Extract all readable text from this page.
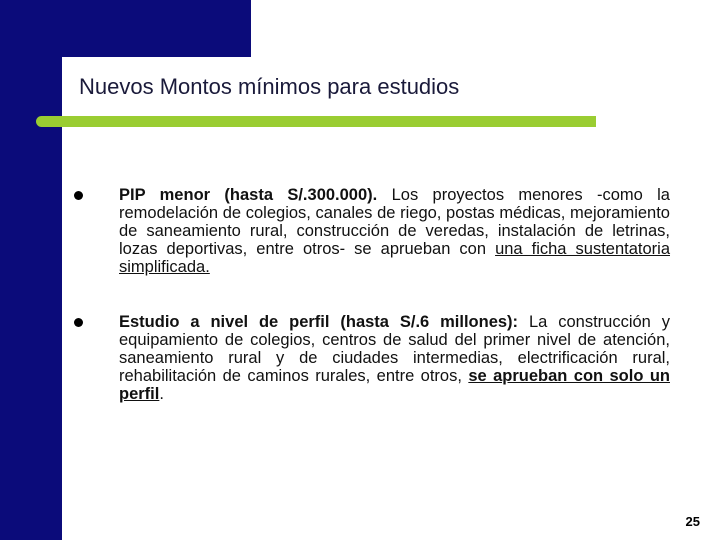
Nuevos Montos mínimos para estudios

PIP menor (hasta S/.300.000). Los proyectos menores -como la remodelación de colegios, canales de riego, postas médicas, mejoramiento de saneamiento rural, construcción de veredas, instalación de letrinas, lozas deportivas, entre otros- se aprueban con una ficha sustentatoria simplificada.

Estudio a nivel de perfil (hasta S/.6 millones): La construcción y equipamiento de colegios, centros de salud del primer nivel de atención, saneamiento rural y de ciudades intermedias, electrificación rural, rehabilitación de caminos rurales, entre otros, se aprueban con solo un perfil.

25
